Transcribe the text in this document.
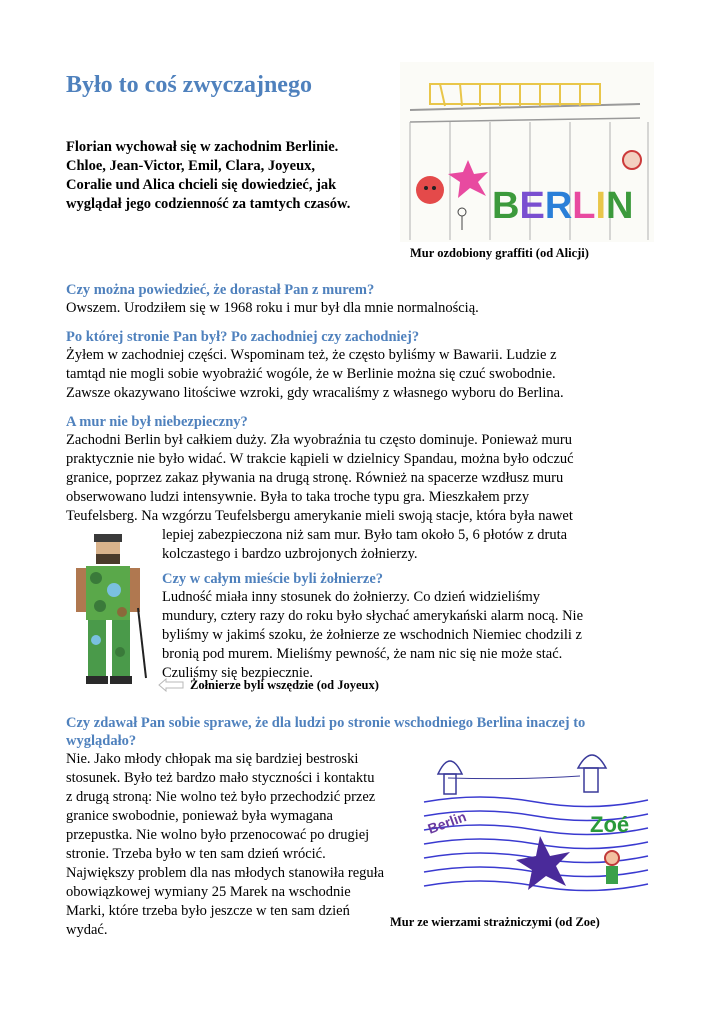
Było to coś zwyczajnego
Florian wychował się w zachodnim Berlinie.
Chloe, Jean-Victor, Emil, Clara, Joyeux,
Coralie und Alica chcieli się dowiedzieć, jak
wyglądał jego codzienność za tamtych czasów.	BERLIN
Mur ozdobiony graffiti (od Alicji)
Czy można powiedzieć, że dorastał Pan z murem?
Owszem. Urodziłem się w 1968 roku i mur był dla mnie normalnością.
Po której stronie Pan był? Po zachodniej czy zachodniej?
Żyłem w zachodniej części. Wspominam też, że często byliśmy w Bawarii. Ludzie z
tamtąd nie mogli sobie wyobrażić wogóle, że w Berlinie można się czuć swobodnie.
Zawsze okazywano litościwe wzroki, gdy wracaliśmy z własnego wyboru do Berlina.
A mur nie był niebezpieczny?
Zachodni Berlin był całkiem duży. Zła wyobraźnia tu często dominuje. Ponieważ muru
praktycznie nie było widać. W trakcie kąpieli w dzielnicy Spandau, można było odczuć
granice, poprzez zakaz pływania na drugą stronę. Również na spacerze wzdłusz muru
obserwowano ludzi intensywnie. Była to taka troche typu gra. Mieszkałem przy
Teufelsberg. Na wzgórzu Teufelsbergu amerykanie mieli swoją stacje, która była nawet
lepiej zabezpieczona niż sam mur. Było tam około 5, 6 płotów z druta
kolczastego i bardzo uzbrojonych żołnierzy.
Czy w całym mieście byli żołnierze?
Ludność miała inny stosunek do żołnierzy. Co dzień widzieliśmy
mundury, cztery razy do roku było słychać amerykański alarm nocą. Nie
byliśmy w jakimś szoku, że żołnierze ze wschodnich Niemiec chodzili z
bronią pod murem. Mieliśmy pewność, że nam nic się nie może stać.
Czuliśmy się bezpiecznie.
Żołnierze byli wszędzie (od Joyeux)
Czy zdawał Pan sobie sprawe, że dla ludzi po stronie wschodniego Berlina inaczej to
wyglądało?
Nie. Jako młody chłopak ma się bardziej bestroski
stosunek. Było też bardzo mało styczności i kontaktu
z drugą stroną: Nie wolno też było przechodzić przez
granice swobodnie, ponieważ była wymagana
przepustka. Nie wolno było przenocować po drugiej
stronie. Trzeba było w ten sam dzień wrócić.
Największy problem dla nas młodych stanowiła reguła
obowiązkowej wymiany 25 Marek na wschodnie
Marki, które trzeba było jeszcze w ten sam dzień
wydać.
Berlin	Zoé
Mur ze wierzami strażniczymi (od Zoe)
